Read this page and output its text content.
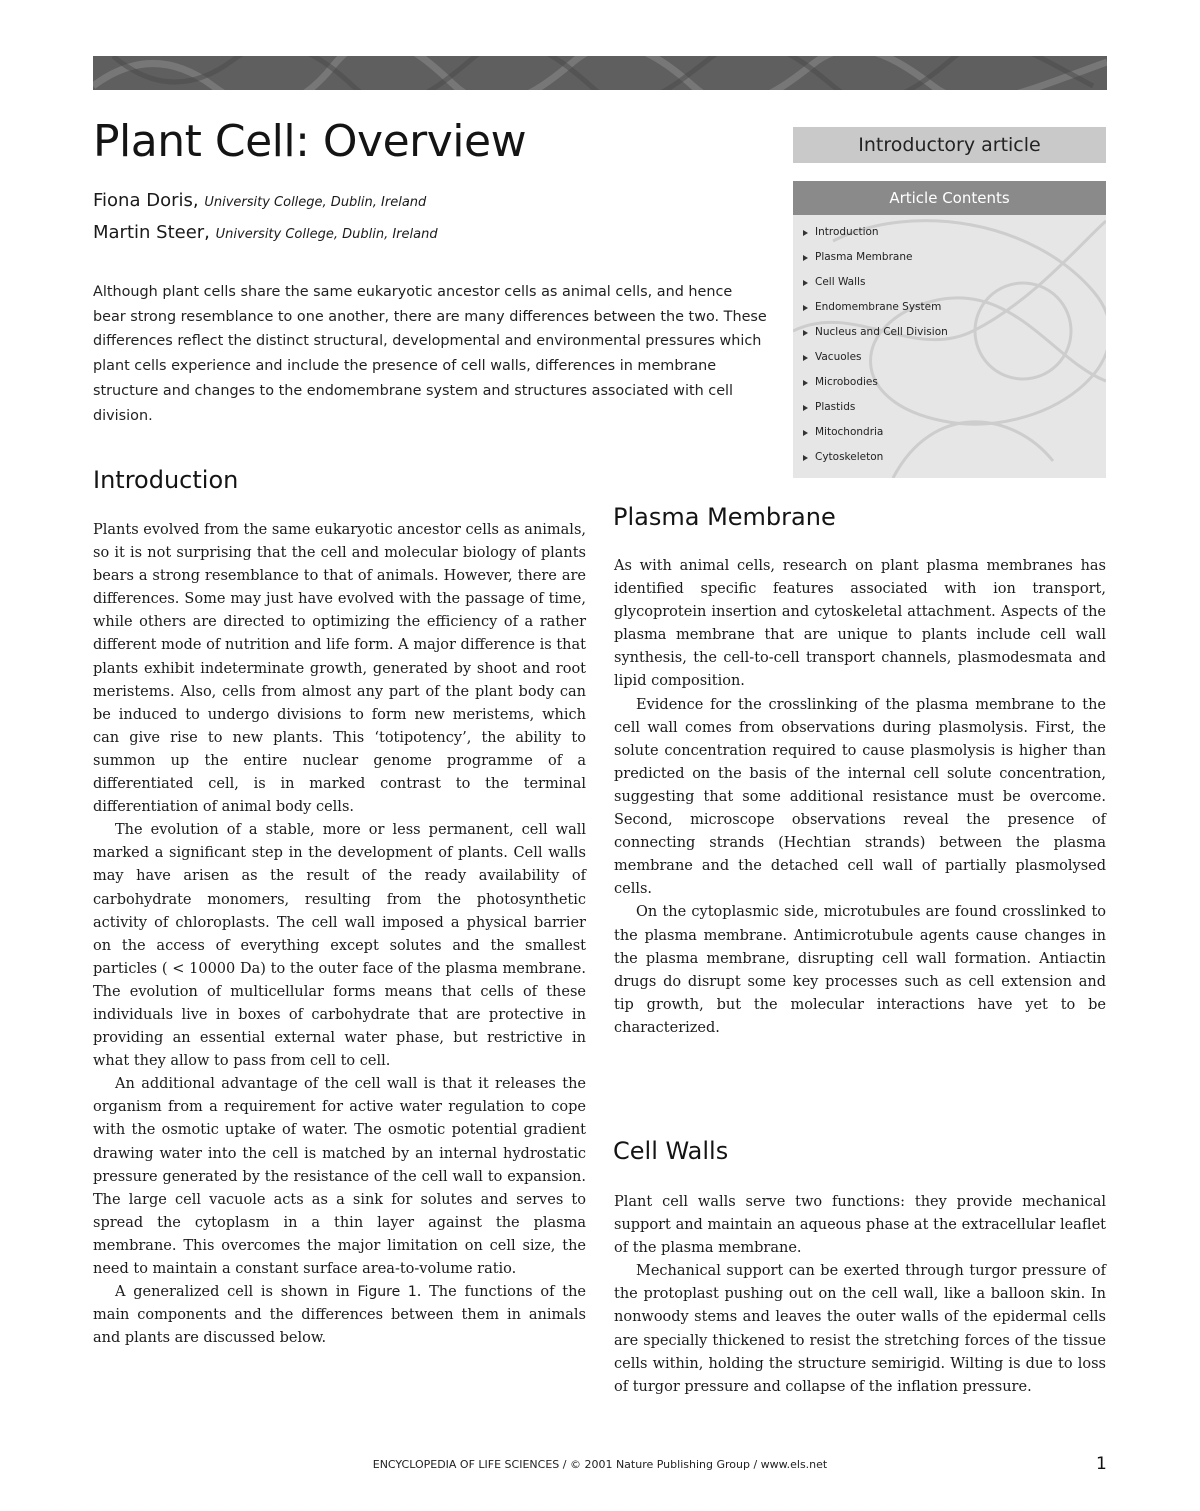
Plant Cell: Overview
Fiona Doris, University College, Dublin, Ireland
Martin Steer, University College, Dublin, Ireland

Although plant cells share the same eukaryotic ancestor cells as animal cells, and hence bear strong resemblance to one another, there are many differences between the two. These differences reflect the distinct structural, developmental and environmental pressures which plant cells experience and include the presence of cell walls, differences in membrane structure and changes to the endomembrane system and structures associated with cell division.

Introductory article
Article Contents
Introduction
Plasma Membrane
Cell Walls
Endomembrane System
Nucleus and Cell Division
Vacuoles
Microbodies
Plastids
Mitochondria
Cytoskeleton
Introduction

Plants evolved from the same eukaryotic ancestor cells as animals, so it is not surprising that the cell and molecular biology of plants bears a strong resemblance to that of animals. However, there are differences. Some may just have evolved with the passage of time, while others are directed to optimizing the efficiency of a rather different mode of nutrition and life form. A major difference is that plants exhibit indeterminate growth, generated by shoot and root meristems. Also, cells from almost any part of the plant body can be induced to undergo divisions to form new meristems, which can give rise to new plants. This ‘totipotency’, the ability to summon up the entire nuclear genome programme of a differentiated cell, is in marked contrast to the terminal differentiation of animal body cells.

The evolution of a stable, more or less permanent, cell wall marked a significant step in the development of plants. Cell walls may have arisen as the result of the ready availability of carbohydrate monomers, resulting from the photosynthetic activity of chloroplasts. The cell wall imposed a physical barrier on the access of everything except solutes and the smallest particles ( < 10000 Da) to the outer face of the plasma membrane. The evolution of multicellular forms means that cells of these individuals live in boxes of carbohydrate that are protective in providing an essential external water phase, but restrictive in what they allow to pass from cell to cell.

An additional advantage of the cell wall is that it releases the organism from a requirement for active water regulation to cope with the osmotic uptake of water. The osmotic potential gradient drawing water into the cell is matched by an internal hydrostatic pressure generated by the resistance of the cell wall to expansion. The large cell vacuole acts as a sink for solutes and serves to spread the cytoplasm in a thin layer against the plasma membrane. This overcomes the major limitation on cell size, the need to maintain a constant surface area-to-volume ratio.

A generalized cell is shown in Figure 1. The functions of the main components and the differences between them in animals and plants are discussed below.

Plasma Membrane

As with animal cells, research on plant plasma membranes has identified specific features associated with ion transport, glycoprotein insertion and cytoskeletal attachment. Aspects of the plasma membrane that are unique to plants include cell wall synthesis, the cell-to-cell transport channels, plasmodesmata and lipid composition.

Evidence for the crosslinking of the plasma membrane to the cell wall comes from observations during plasmolysis. First, the solute concentration required to cause plasmolysis is higher than predicted on the basis of the internal cell solute concentration, suggesting that some additional resistance must be overcome. Second, microscope observations reveal the presence of connecting strands (Hechtian strands) between the plasma membrane and the detached cell wall of partially plasmolysed cells.

On the cytoplasmic side, microtubules are found crosslinked to the plasma membrane. Antimicrotubule agents cause changes in the plasma membrane, disrupting cell wall formation. Antiactin drugs do disrupt some key processes such as cell extension and tip growth, but the molecular interactions have yet to be characterized.

Cell Walls

Plant cell walls serve two functions: they provide mechanical support and maintain an aqueous phase at the extracellular leaflet of the plasma membrane.

Mechanical support can be exerted through turgor pressure of the protoplast pushing out on the cell wall, like a balloon skin. In nonwoody stems and leaves the outer walls of the epidermal cells are specially thickened to resist the stretching forces of the tissue cells within, holding the structure semirigid. Wilting is due to loss of turgor pressure and collapse of the inflation pressure.

ENCYCLOPEDIA OF LIFE SCIENCES / © 2001 Nature Publishing Group / www.els.net	1
